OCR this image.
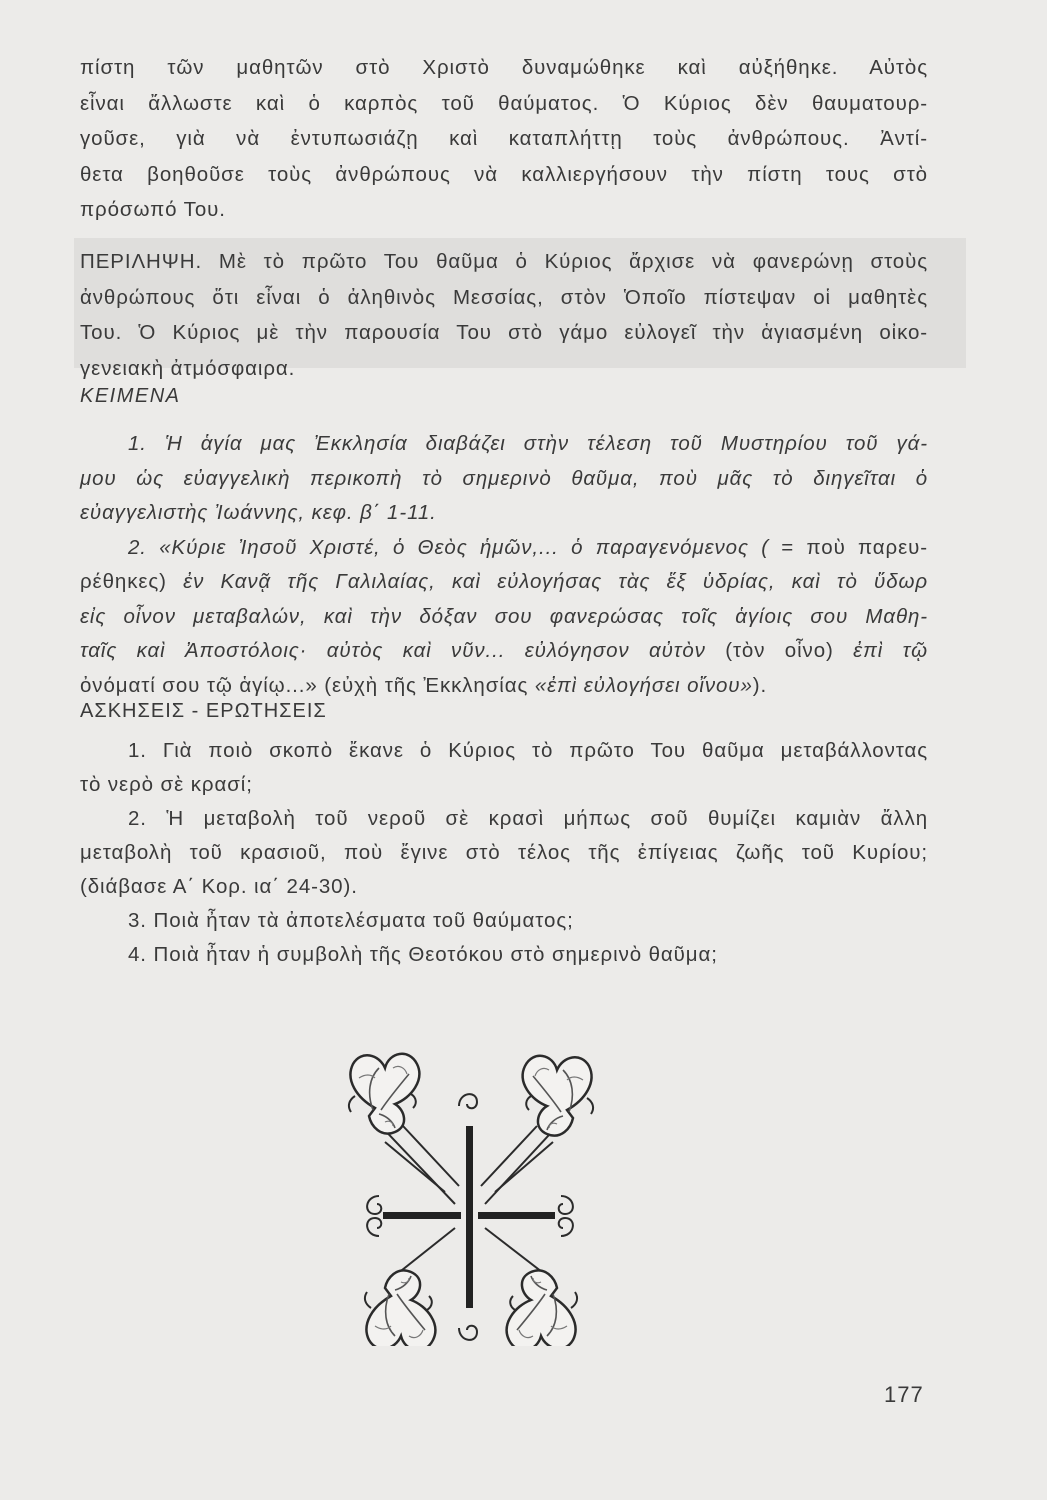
πίστη τῶν μαθητῶν στὸ Χριστὸ δυναμώθηκε καὶ αὐξήθηκε. Αὐτὸς
εἶναι ἄλλωστε καὶ ὁ καρπὸς τοῦ θαύματος. Ὁ Κύριος δὲν θαυματουρ-
γοῦσε, γιὰ νὰ ἐντυπωσιάζῃ καὶ καταπλήττῃ τοὺς ἀνθρώπους. Ἀντί-
θετα βοηθοῦσε τοὺς ἀνθρώπους νὰ καλλιεργήσουν τὴν πίστη τους στὸ
πρόσωπό Του.
ΠΕΡΙΛΗΨΗ. Μὲ τὸ πρῶτο Του θαῦμα ὁ Κύριος ἄρχισε νὰ φανερώνῃ στοὺς
ἀνθρώπους ὅτι εἶναι ὁ ἀληθινὸς Μεσσίας, στὸν Ὁποῖο πίστεψαν οἱ μαθητὲς
Του. Ὁ Κύριος μὲ τὴν παρουσία Του στὸ γάμο εὐλογεῖ τὴν ἁγιασμένη οἰκο-
γενειακὴ ἀτμόσφαιρα.
ΚΕΙΜΕΝΑ
1. Ἡ ἁγία μας Ἐκκλησία διαβάζει στὴν τέλεση τοῦ Μυστηρίου τοῦ γά-
μου ὡς εὐαγγελικὴ περικοπὴ τὸ σημερινὸ θαῦμα, ποὺ μᾶς τὸ διηγεῖται ὁ
εὐαγγελιστὴς Ἰωάννης, κεφ. β΄ 1-11.
2. «Κύριε Ἰησοῦ Χριστέ, ὁ Θεὸς ἡμῶν,... ὁ παραγενόμενος ( = ποὺ παρευ-
ρέθηκες) ἐν Κανᾷ τῆς Γαλιλαίας, καὶ εὐλογήσας τὰς ἕξ ὑδρίας, καὶ τὸ ὕδωρ
εἰς οἶνον μεταβαλών, καὶ τὴν δόξαν σου φανερώσας τοῖς ἁγίοις σου Μαθη-
ταῖς καὶ Ἀποστόλοις· αὐτὸς καὶ νῦν... εὐλόγησον αὐτὸν (τὸν οἶνο) ἐπὶ τῷ
ὀνόματί σου τῷ ἁγίῳ...» (εὐχὴ τῆς Ἐκκλησίας «ἐπὶ εὐλογήσει οἴνου»).
ΑΣΚΗΣΕΙΣ - ΕΡΩΤΗΣΕΙΣ
1. Γιὰ ποιὸ σκοπὸ ἔκανε ὁ Κύριος τὸ πρῶτο Του θαῦμα μεταβάλλοντας
τὸ νερὸ σὲ κρασί;
2. Ἡ μεταβολὴ τοῦ νεροῦ σὲ κρασὶ μήπως σοῦ θυμίζει καμιὰν ἄλλη
μεταβολὴ τοῦ κρασιοῦ, ποὺ ἔγινε στὸ τέλος τῆς ἐπίγειας ζωῆς τοῦ Κυρίου;
(διάβασε Α΄ Κορ. ια΄ 24-30).
3. Ποιὰ ἦταν τὰ ἀποτελέσματα τοῦ θαύματος;
4. Ποιὰ ἦταν ἡ συμβολὴ τῆς Θεοτόκου στὸ σημερινὸ θαῦμα;
177
